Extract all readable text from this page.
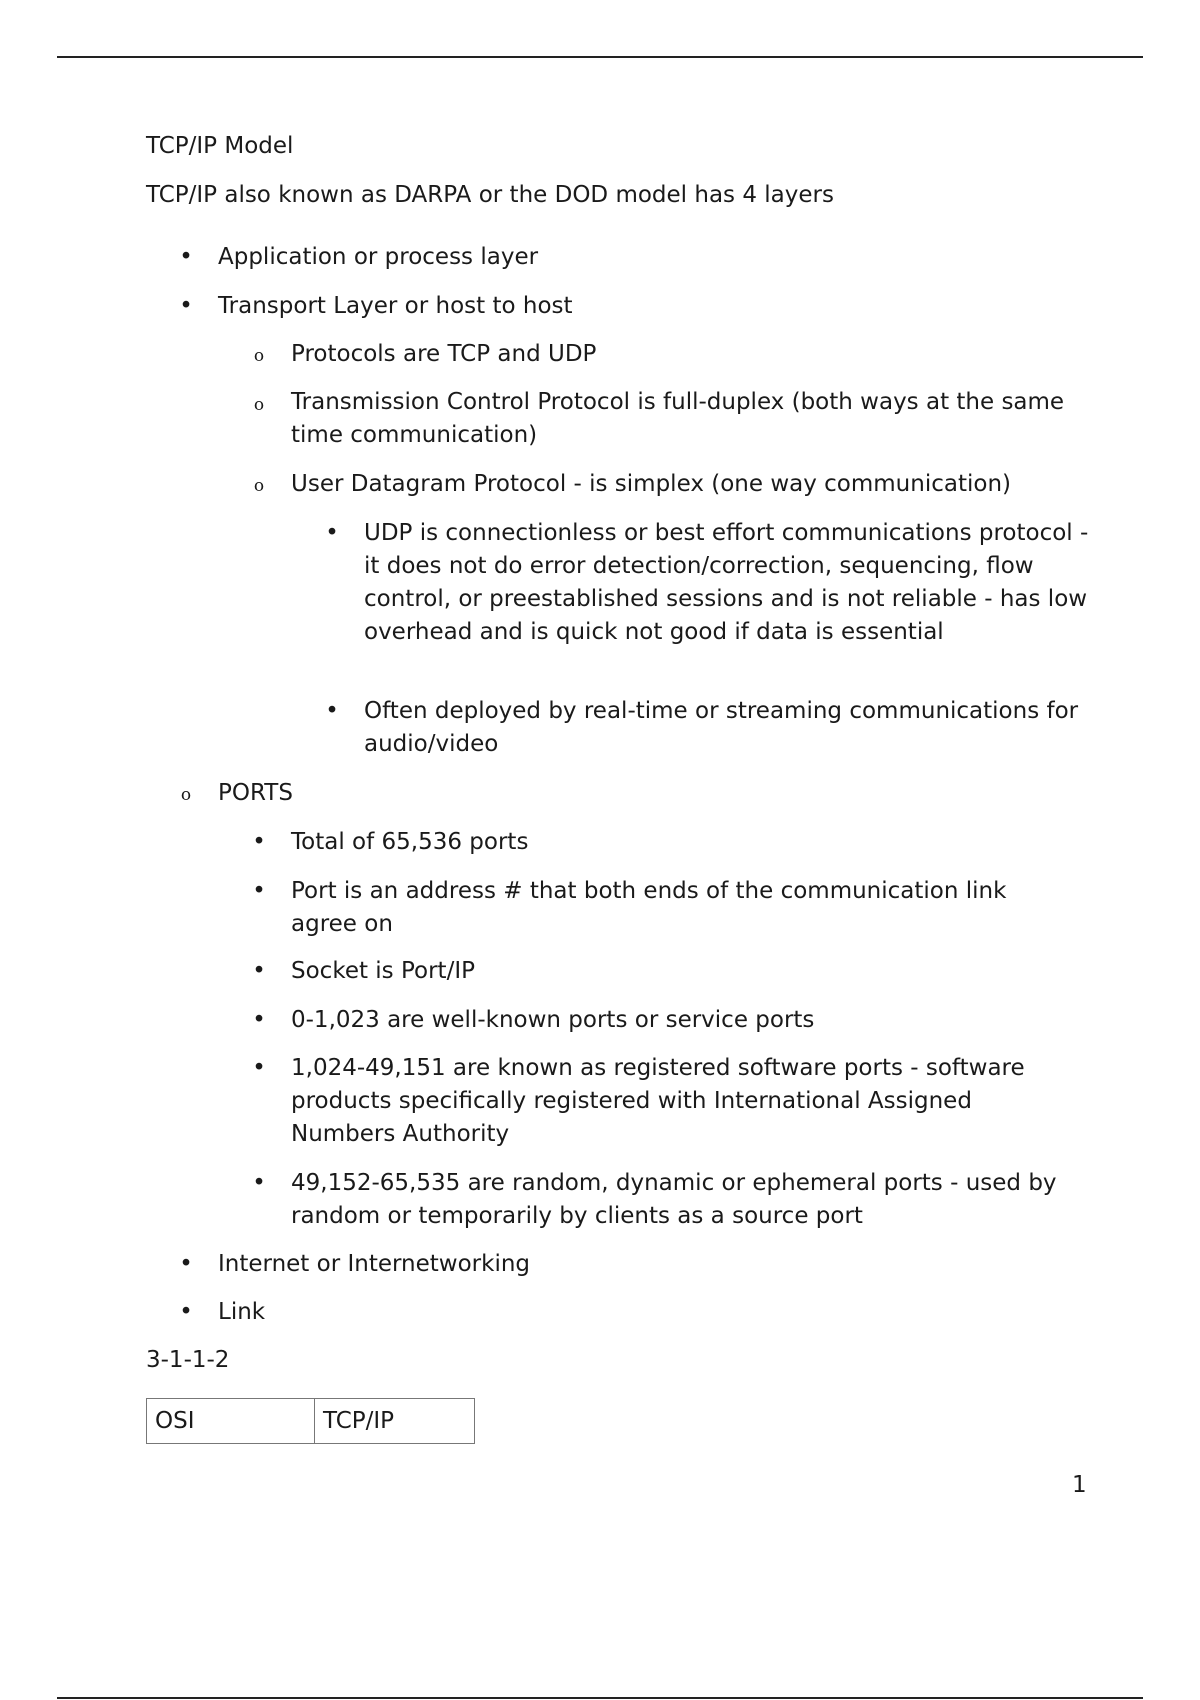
TCP/IP Model
TCP/IP also known as DARPA or the DOD model has 4 layers
• Application or process layer
• Transport Layer or host to host
o Protocols are TCP and UDP
o Transmission Control Protocol is full-duplex (both ways at the same time communication)
o User Datagram Protocol - is simplex (one way communication)
• UDP is connectionless or best effort communications protocol - it does not do error detection/correction, sequencing, flow control, or preestablished sessions and is not reliable - has low overhead and is quick not good if data is essential
• Often deployed by real-time or streaming communications for audio/video
o PORTS
• Total of 65,536 ports
• Port is an address # that both ends of the communication link agree on
• Socket is Port/IP
• 0-1,023 are well-known ports or service ports
• 1,024-49,151 are known as registered software ports - software products specifically registered with International Assigned Numbers Authority
• 49,152-65,535 are random, dynamic or ephemeral ports - used by random or temporarily by clients as a source port
• Internet or Internetworking
• Link
3-1-1-2
OSI	TCP/IP
1
